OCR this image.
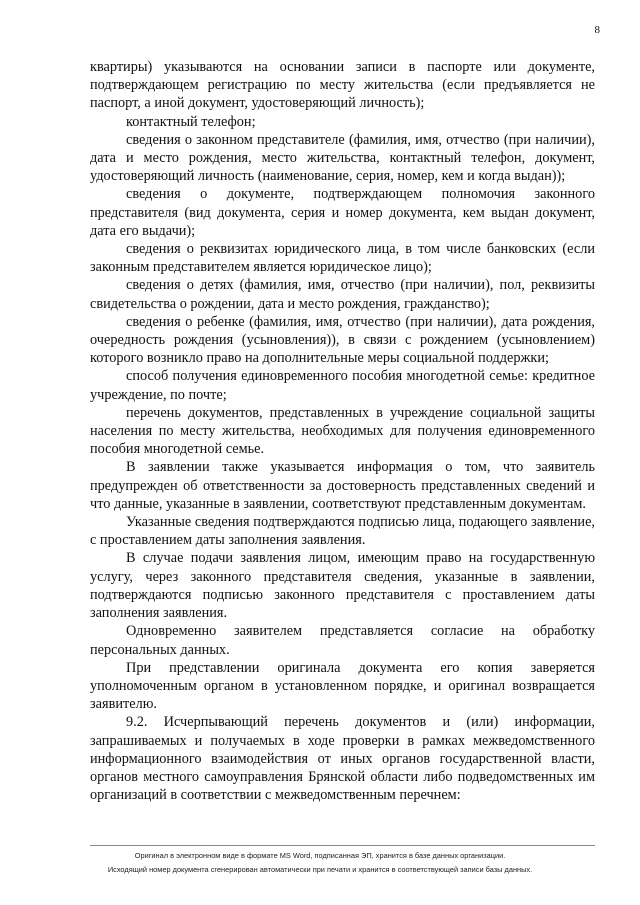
8

квартиры) указываются на основании записи в паспорте или документе, подтверждающем регистрацию по месту жительства (если предъявляется не паспорт, а иной документ, удостоверяющий личность);

контактный телефон;

сведения о законном представителе (фамилия, имя, отчество (при наличии), дата и место рождения, место жительства, контактный телефон, документ, удостоверяющий личность (наименование, серия, номер, кем и когда выдан));

сведения о документе, подтверждающем полномочия законного представителя (вид документа, серия и номер документа, кем выдан документ, дата его выдачи);

сведения о реквизитах юридического лица, в том числе банковских (если законным представителем является юридическое лицо);

сведения о детях (фамилия, имя, отчество (при наличии), пол, реквизиты свидетельства о рождении, дата и место рождения, гражданство);

сведения о ребенке (фамилия, имя, отчество (при наличии), дата рождения, очередность рождения (усыновления)), в связи с рождением (усыновлением) которого возникло право на дополнительные меры социальной поддержки;

способ получения единовременного пособия многодетной семье: кредитное учреждение, по почте;

перечень документов, представленных в учреждение социальной защиты населения по месту жительства, необходимых для получения единовременного пособия многодетной семье.

В заявлении также указывается информация о том, что заявитель предупрежден об ответственности за достоверность представленных сведений и что данные, указанные в заявлении, соответствуют представленным документам.

Указанные сведения подтверждаются подписью лица, подающего заявление, с проставлением даты заполнения заявления.

В случае подачи заявления лицом, имеющим право на государственную услугу, через законного представителя сведения, указанные в заявлении, подтверждаются подписью законного представителя с проставлением даты заполнения заявления.

Одновременно заявителем представляется согласие на обработку персональных данных.

При представлении оригинала документа его копия заверяется уполномоченным органом в установленном порядке, и оригинал возвращается заявителю.

9.2. Исчерпывающий перечень документов и (или) информации, запрашиваемых и получаемых в ходе проверки в рамках межведомственного информационного взаимодействия от иных органов государственной власти, органов местного самоуправления Брянской области либо подведомственных им организаций в соответствии с межведомственным перечнем:

Оригинал в электронном виде в формате MS Word, подписанная ЭП, хранится в базе данных организации.
Исходящий номер документа сгенерирован автоматически при печати и хранится в соответствующей записи базы данных.
